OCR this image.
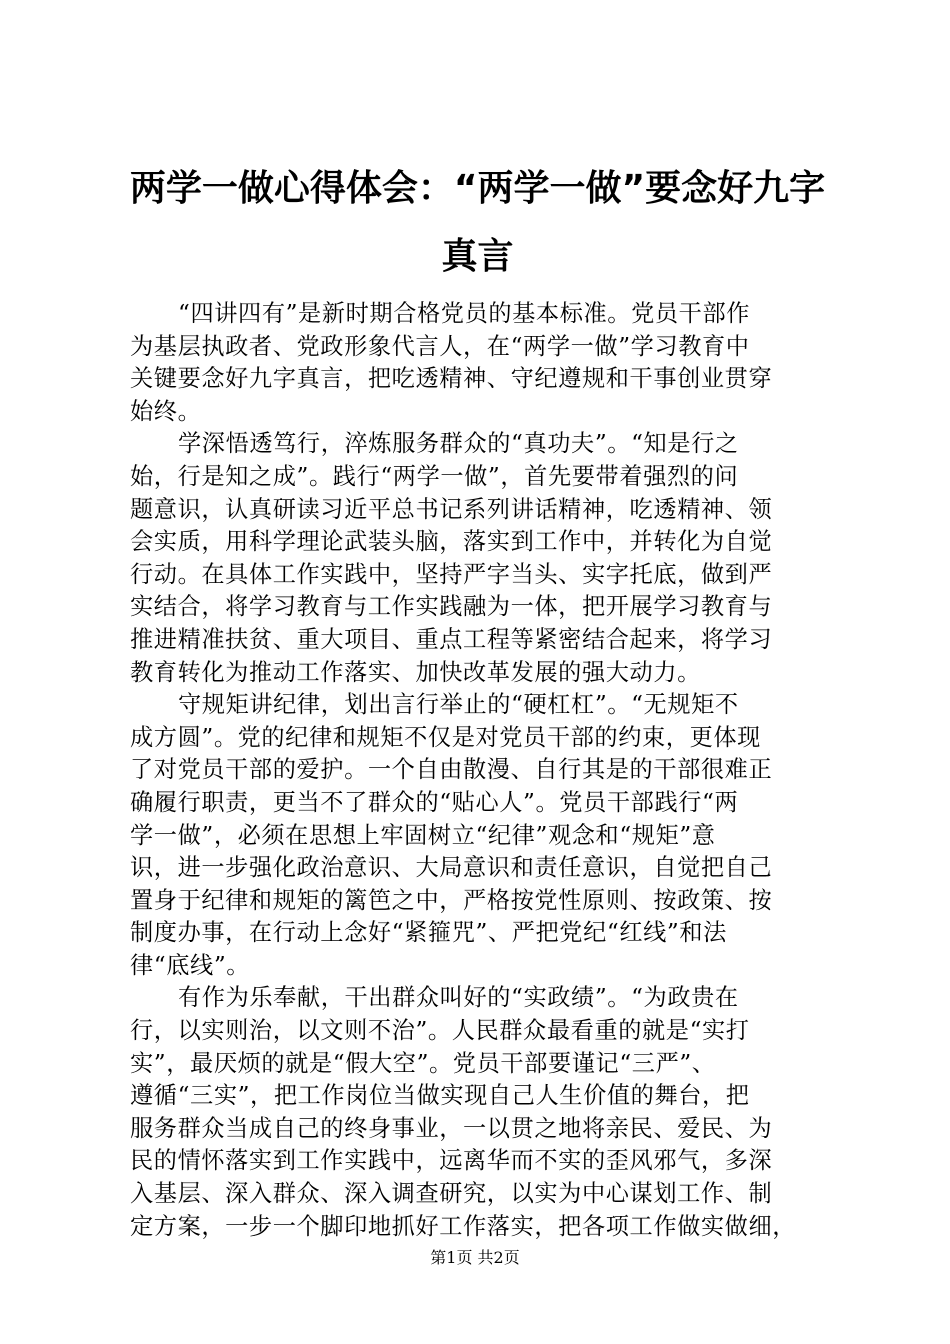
两学一做心得体会：“两学一做”要念好九字
真言

“四讲四有”是新时期合格党员的基本标准。党员干部作
为基层执政者、党政形象代言人，在“两学一做”学习教育中
关键要念好九字真言，把吃透精神、守纪遵规和干事创业贯穿
始终。

学深悟透笃行，淬炼服务群众的“真功夫”。“知是行之
始，行是知之成”。践行“两学一做”，首先要带着强烈的问
题意识，认真研读习近平总书记系列讲话精神，吃透精神、领
会实质，用科学理论武装头脑，落实到工作中，并转化为自觉
行动。在具体工作实践中，坚持严字当头、实字托底，做到严
实结合，将学习教育与工作实践融为一体，把开展学习教育与
推进精准扶贫、重大项目、重点工程等紧密结合起来，将学习
教育转化为推动工作落实、加快改革发展的强大动力。

守规矩讲纪律，划出言行举止的“硬杠杠”。“无规矩不
成方圆”。党的纪律和规矩不仅是对党员干部的约束，更体现
了对党员干部的爱护。一个自由散漫、自行其是的干部很难正
确履行职责，更当不了群众的“贴心人”。党员干部践行“两
学一做”，必须在思想上牢固树立“纪律”观念和“规矩”意
识，进一步强化政治意识、大局意识和责任意识，自觉把自己
置身于纪律和规矩的篱笆之中，严格按党性原则、按政策、按
制度办事，在行动上念好“紧箍咒”、严把党纪“红线”和法
律“底线”。

有作为乐奉献，干出群众叫好的“实政绩”。“为政贵在
行，以实则治，以文则不治”。人民群众最看重的就是“实打
实”，最厌烦的就是“假大空”。党员干部要谨记“三严”、
遵循“三实”，把工作岗位当做实现自己人生价值的舞台，把
服务群众当成自己的终身事业，一以贯之地将亲民、爱民、为
民的情怀落实到工作实践中，远离华而不实的歪风邪气，多深
入基层、深入群众、深入调查研究，以实为中心谋划工作、制
定方案，一步一个脚印地抓好工作落实，把各项工作做实做细，

第1页 共2页
